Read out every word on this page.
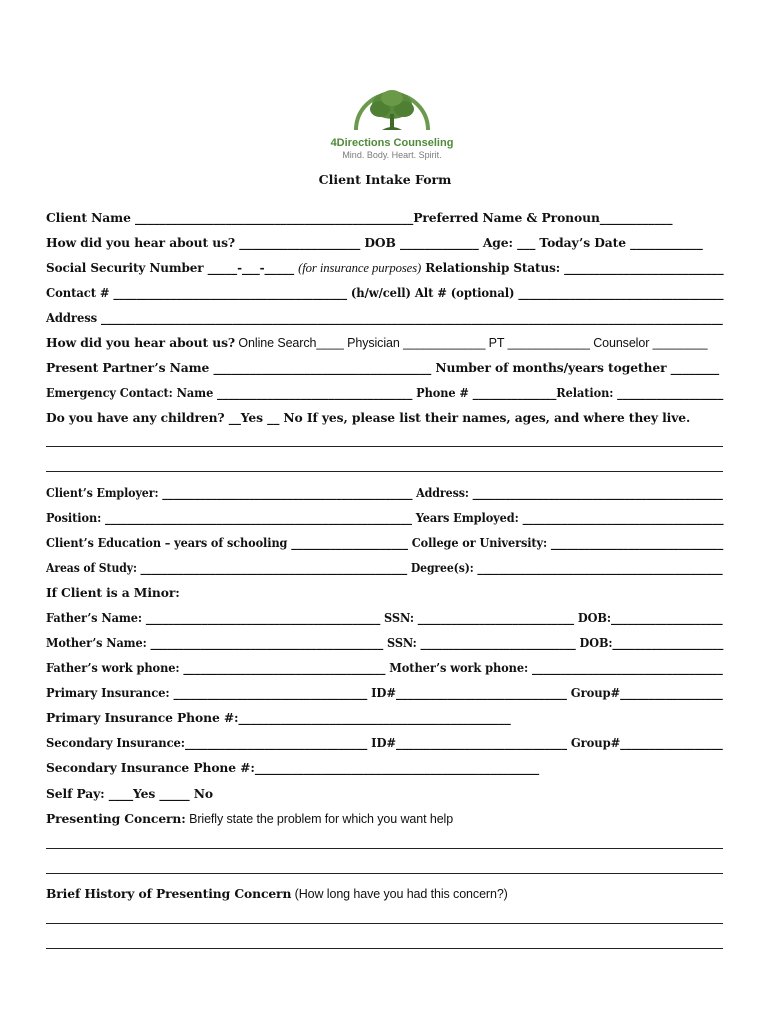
4Directions Counseling
Mind. Body. Heart. Spirit.
Client Intake Form
Client Name ______________________________________________Preferred Name & Pronoun____________
How did you hear about us? ____________________ DOB _____________ Age: ___ Today’s Date ____________
Social Security Number _____-___-_____ (for insurance purposes) Relationship Status: ___________________________
Contact # _________________________________________ (h/w/cell) Alt # (optional) ____________________________________
Address _____________________________________________________________________________________________________________
How did you hear about us? Online Search____ Physician ____________ PT ____________ Counselor ________
Present Partner’s Name ____________________________________ Number of months/years together ________
Emergency Contact: Name ___________________________________ Phone # _______________Relation: ___________________
Do you have any children? __Yes __ No If yes, please list their names, ages, and where they live.
Client’s Employer: ______________________________________________ Address: ______________________________________________
Position: _______________________________________________________ Years Employed: ____________________________________
Client’s Education – years of schooling _____________________ College or University: _______________________________
Areas of Study: __________________________________________________ Degree(s): ______________________________________________
If Client is a Minor:
Father’s Name: __________________________________________ SSN: ____________________________ DOB:____________________
Mother’s Name: __________________________________________ SSN: ____________________________ DOB:____________________
Father’s work phone: ____________________________________ Mother’s work phone: __________________________________
Primary Insurance: __________________________________ ID#______________________________ Group#__________________
Primary Insurance Phone #:_____________________________________________
Secondary Insurance:________________________________ ID#______________________________ Group#__________________
Secondary Insurance Phone #:_______________________________________________
Self Pay: ____Yes _____ No
Presenting Concern: Briefly state the problem for which you want help
Brief History of Presenting Concern (How long have you had this concern?)
